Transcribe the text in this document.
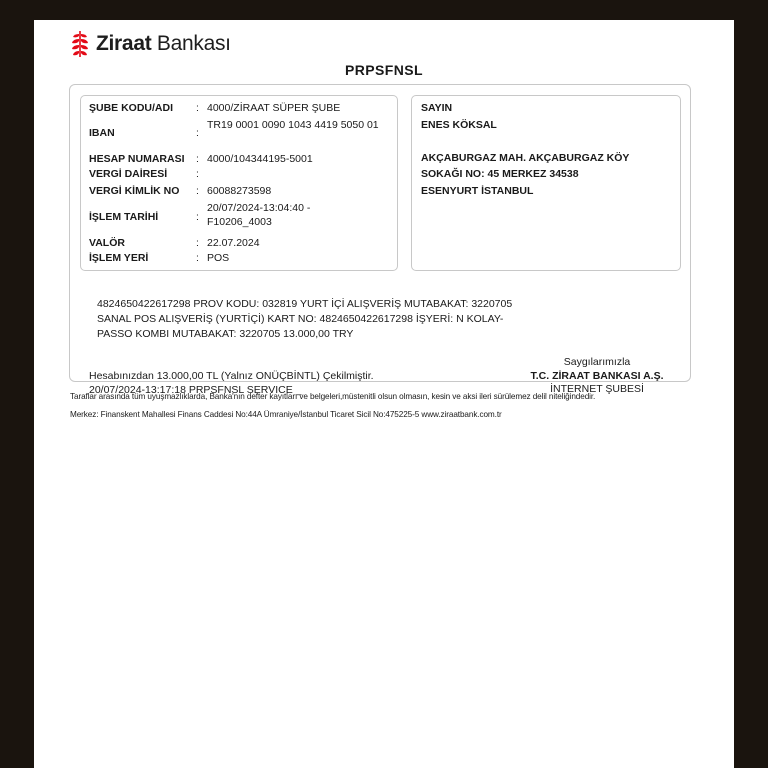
Ziraat Bankası
PRPSFNSL
ŞUBE KODU/ADI : 4000/ZİRAAT SÜPER ŞUBE
IBAN	:
TR19 0001 0090 1043 4419 5050 01
HESAP NUMARASI : 4000/104344195-5001
VERGİ DAİRESİ	:
VERGİ KİMLİK NO : 60088273598
İŞLEM TARİHİ	:
20/07/2024-13:04:40 - F10206_4003
VALÖR	: 22.07.2024
İŞLEM YERİ	: POS
SAYIN
ENES KÖKSAL
AKÇABURGAZ MAH. AKÇABURGAZ KÖY
SOKAĞI NO: 45 MERKEZ 34538
ESENYURT İSTANBUL
4824650422617298 PROV KODU: 032819 YURT İÇİ ALIŞVERİŞ MUTABAKAT: 3220705
SANAL POS ALIŞVERİŞ (YURTİÇİ) KART NO: 4824650422617298 İŞYERİ: N KOLAY-
PASSO KOMBI MUTABAKAT: 3220705 13.000,00 TRY
Hesabınızdan 13.000,00 TL (Yalnız ONÜÇBİNTL) Çekilmiştir.
20/07/2024-13:17:18 PRPSFNSL SERVICE _
Saygılarımızla
T.C. ZİRAAT BANKASI A.Ş.
İNTERNET ŞUBESİ
Taraflar arasında tüm uyuşmazlıklarda, Banka'nın defter kayıtları ve belgeleri,müstenitli olsun olmasın, kesin ve aksi ileri sürülemez delil niteliğindedir.
Merkez: Finanskent Mahallesi Finans Caddesi No:44A Ümraniye/İstanbul Ticaret Sicil No:475225-5 www.ziraatbank.com.tr
